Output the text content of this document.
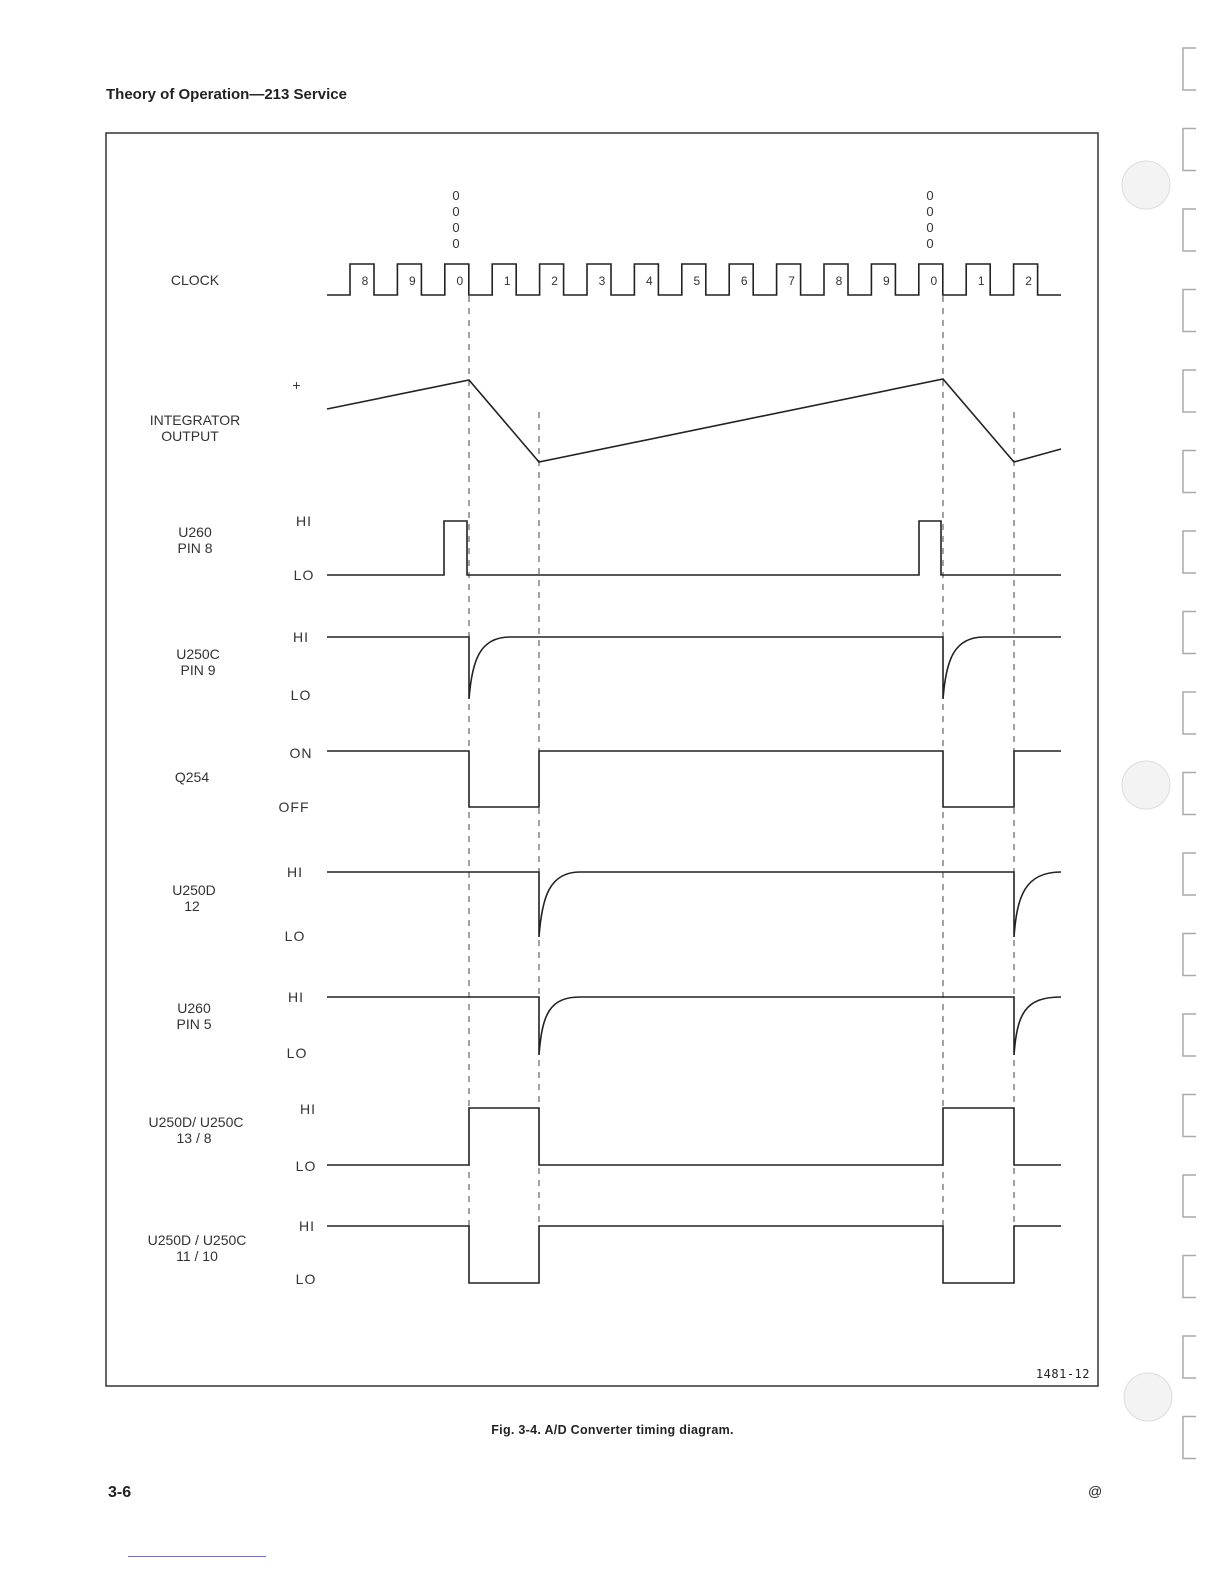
Theory of Operation—213 Service
0
0
0
0
0
0
0
0
CLOCK
INTEGRATOR
OUTPUT
U260
PIN 8
U250C
PIN 9
Q254
U250D
12
U260
PIN 5
U250D/ U250C
13 / 8
U250D / U250C
11 / 10
+
HI
LO
HI
LO
ON
OFF
HI
LO
HI
LO
HI
LO
HI
LO
8	9	0	1	2	3	4	5	6	7	8	9	0	1	2
1481-12
Fig. 3-4. A/D Converter timing diagram.
3-6	@
